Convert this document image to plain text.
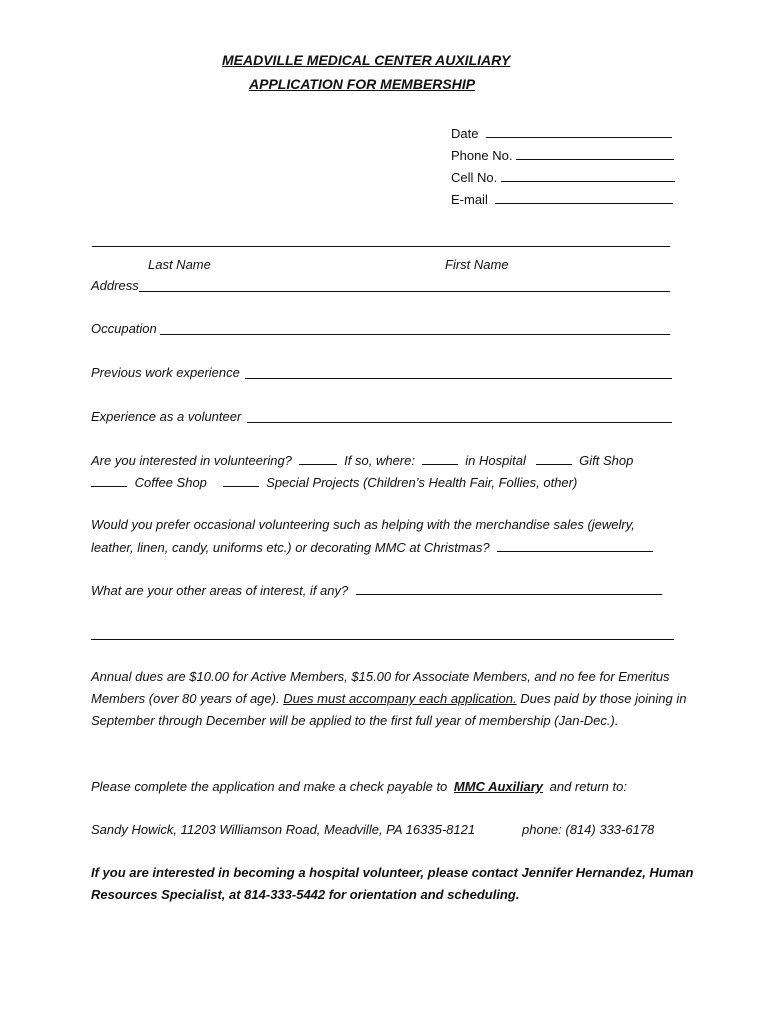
MEADVILLE MEDICAL CENTER AUXILIARY
APPLICATION FOR MEMBERSHIP
Date
Phone No.
Cell No.
E-mail
Last Name	First Name
Address
Occupation
Previous work experience
Experience as a volunteer
Are you interested in volunteering?	If so, where:	in Hospital	Gift Shop
Coffee Shop	Special Projects (Children’s Health Fair, Follies, other)
Would you prefer occasional volunteering such as helping with the merchandise sales (jewelry,
leather, linen, candy, uniforms etc.) or decorating MMC at Christmas?
What are your other areas of interest, if any?
Annual dues are $10.00 for Active Members, $15.00 for Associate Members, and no fee for Emeritus Members (over 80 years of age). Dues must accompany each application. Dues paid by those joining in September through December will be applied to the first full year of membership (Jan-Dec.).
Please complete the application and make a check payable to MMC Auxiliary and return to:
Sandy Howick, 11203 Williamson Road, Meadville, PA 16335-8121	phone: (814) 333-6178
If you are interested in becoming a hospital volunteer, please contact Jennifer Hernandez, Human Resources Specialist, at 814-333-5442 for orientation and scheduling.
